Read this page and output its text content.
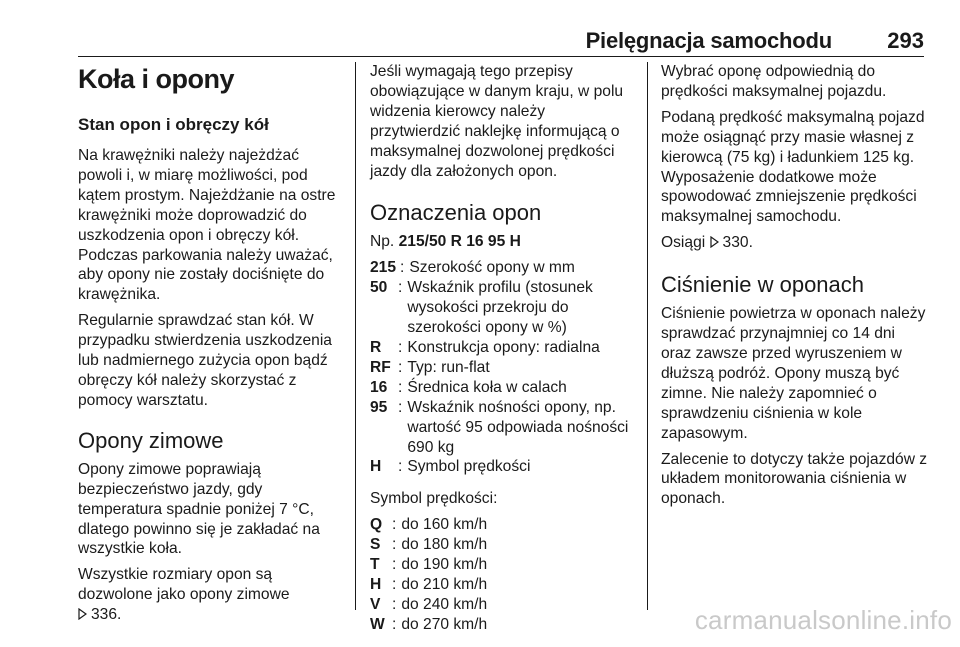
Pielęgnacja samochodu	293
Koła i opony
Stan opon i obręczy kół

Na krawężniki należy najeżdżać powoli i, w miarę możliwości, pod kątem prostym. Najeżdżanie na ostre krawężniki może doprowadzić do uszkodzenia opon i obręczy kół. Podczas parkowania należy uważać, aby opony nie zostały dociśnięte do krawężnika.

Regularnie sprawdzać stan kół. W przypadku stwierdzenia uszkodzenia lub nadmiernego zużycia opon bądź obręczy kół należy skorzystać z pomocy warsztatu.

Opony zimowe

Opony zimowe poprawiają bezpieczeństwo jazdy, gdy temperatura spadnie poniżej 7 °C, dlatego powinno się je zakładać na wszystkie koła.

Wszystkie rozmiary opon są dozwolone jako opony zimowe
336.

Jeśli wymagają tego przepisy obowiązujące w danym kraju, w polu widzenia kierowcy należy przytwierdzić naklejkę informującą o maksymalnej dozwolonej prędkości jazdy dla założonych opon.

Oznaczenia opon

Np. 215/50 R 16 95 H

215 : Szerokość opony w mm
50 : Wskaźnik profilu (stosunek wysokości przekroju do szerokości opony w %)
R	: Konstrukcja opony: radialna
RF : Typ: run-flat
16 : Średnica koła w calach
95 : Wskaźnik nośności opony, np. wartość 95 odpowiada nośności 690 kg
H	: Symbol prędkości

Symbol prędkości:

Q : do 160 km/h
S : do 180 km/h
T : do 190 km/h
H : do 210 km/h
V : do 240 km/h
W : do 270 km/h

Wybrać oponę odpowiednią do prędkości maksymalnej pojazdu.

Podaną prędkość maksymalną pojazd może osiągnąć przy masie własnej z kierowcą (75 kg) i ładunkiem 125 kg. Wyposażenie dodatkowe może spowodować zmniejszenie prędkości maksymalnej samochodu.

Osiągi 330.

Ciśnienie w oponach

Ciśnienie powietrza w oponach należy sprawdzać przynajmniej co 14 dni oraz zawsze przed wyruszeniem w dłuższą podróż. Opony muszą być zimne. Nie należy zapomnieć o sprawdzeniu ciśnienia w kole zapasowym.

Zalecenie to dotyczy także pojazdów z układem monitorowania ciśnienia w oponach.

carmanualsonline.info
